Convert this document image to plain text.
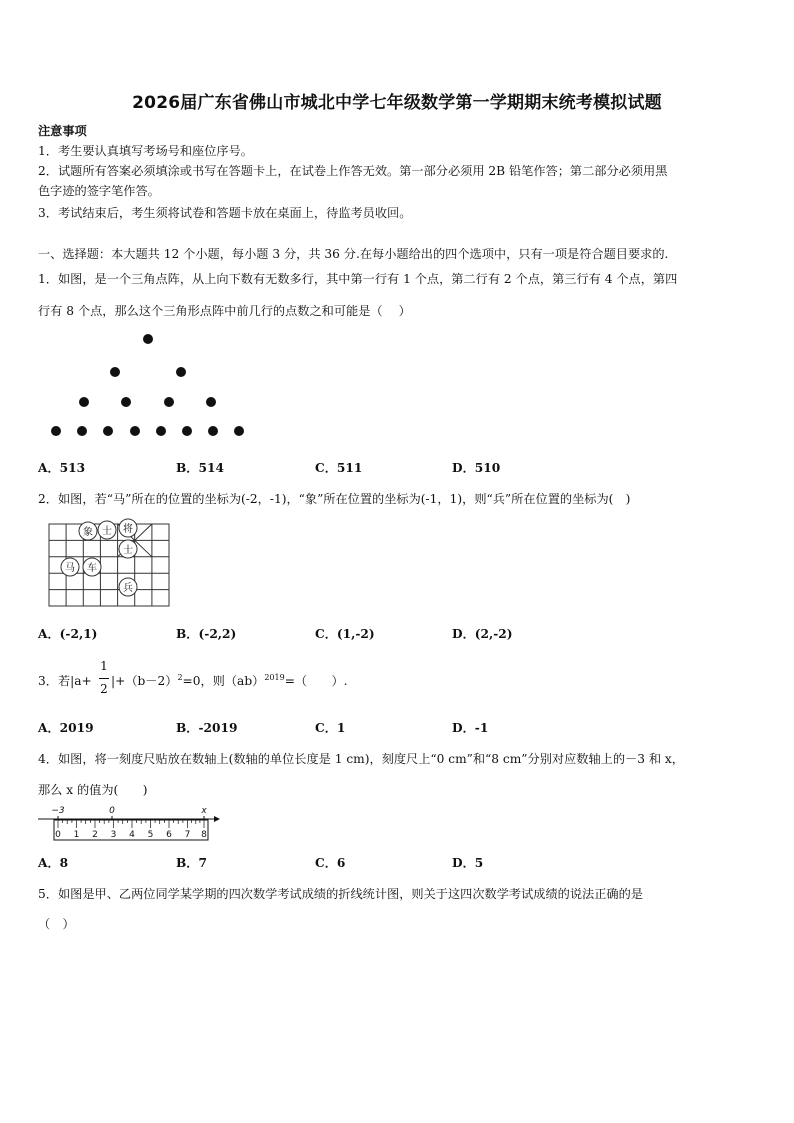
2026届广东省佛山市城北中学七年级数学第一学期期末统考模拟试题
注意事项
1．考生要认真填写考场号和座位序号。
2．试题所有答案必须填涂或书写在答题卡上，在试卷上作答无效。第一部分必须用 2B 铅笔作答；第二部分必须用黑
色字迹的签字笔作答。
3．考试结束后，考生须将试卷和答题卡放在桌面上，待监考员收回。
一、选择题：本大题共 12 个小题，每小题 3 分，共 36 分.在每小题给出的四个选项中，只有一项是符合题目要求的.
1．如图，是一个三角点阵，从上向下数有无数多行，其中第一行有 1 个点，第二行有 2 个点，第三行有 4 个点，第四
行有 8 个点，那么这个三角形点阵中前几行的点数之和可能是（　 ）
A．513	B．514	C．511	D．510
2．如图，若“马”所在的位置的坐标为(-2，-1)，“象”所在位置的坐标为(-1，1)，则“兵”所在位置的坐标为(　)
象 士 将
士
马 车
兵
A．(-2,1)	B．(-2,2)	C．(1,-2)	D．(2,-2)
3．若|a+
1
2
$|+(b-2)^2=0$，则（ab）$^{2019}$=（　　）.
A．2019	B．-2019	C．1	D．-1
4．如图，将一刻度尺贴放在数轴上(数轴的单位长度是 1 cm)，刻度尺上“0 cm”和“8 cm”分别对应数轴上的－3 和 x，
那么 x 的值为(　　)
−3	0	x
0 1 2 3 4 5 6 7 8
A．8	B．7	C．6	D．5
5．如图是甲、乙两位同学某学期的四次数学考试成绩的折线统计图，则关于这四次数学考试成绩的说法正确的是
（　）
